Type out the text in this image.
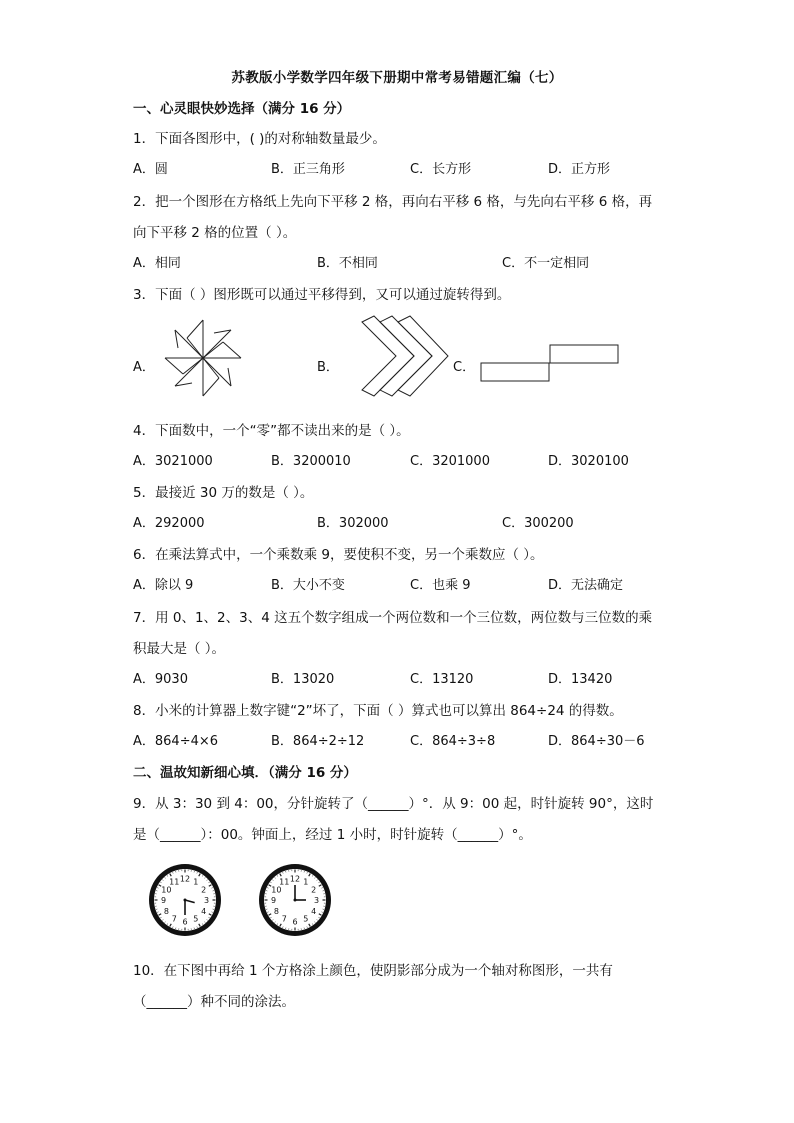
苏教版小学数学四年级下册期中常考易错题汇编（七）
一、心灵眼快妙选择（满分 16 分）
1．下面各图形中，( )的对称轴数量最少。
A．圆	B．正三角形	C．长方形	D．正方形
2．把一个图形在方格纸上先向下平移 2 格，再向右平移 6 格，与先向右平移 6 格，再
向下平移 2 格的位置（ ）。
A．相同	B．不相同	C．不一定相同
3．下面（ ）图形既可以通过平移得到，又可以通过旋转得到。
A．	B．	C．
4．下面数中，一个“零”都不读出来的是（ ）。
A．3021000	B．3200010	C．3201000	D．3020100
5．最接近 30 万的数是（ ）。
A．292000	B．302000	C．300200
6．在乘法算式中，一个乘数乘 9，要使积不变，另一个乘数应（ ）。
A．除以 9	B．大小不变	C．也乘 9	D．无法确定
7．用 0、1、2、3、4 这五个数字组成一个两位数和一个三位数，两位数与三位数的乘
积最大是（ ）。
A．9030	B．13020	C．13120	D．13420
8．小米的计算器上数字键“2”坏了，下面（ ）算式也可以算出 864÷24 的得数。
A．864÷4×6	B．864÷2÷12	C．864÷3÷8	D．864÷30－6
二、温故知新细心填．（满分 16 分）
9．从 3：30 到 4：00，分针旋转了（______）°．从 9：00 起，时针旋转 90°，这时
是（______）：00。钟面上，经过 1 小时，时针旋转（______）°。
12 1
2
3
4
5
6
7
8
9
10
11	12 1
2
3
4
5
6
7
8
9
10
11
10．在下图中再给 1 个方格涂上颜色，使阴影部分成为一个轴对称图形，一共有
（______）种不同的涂法。
